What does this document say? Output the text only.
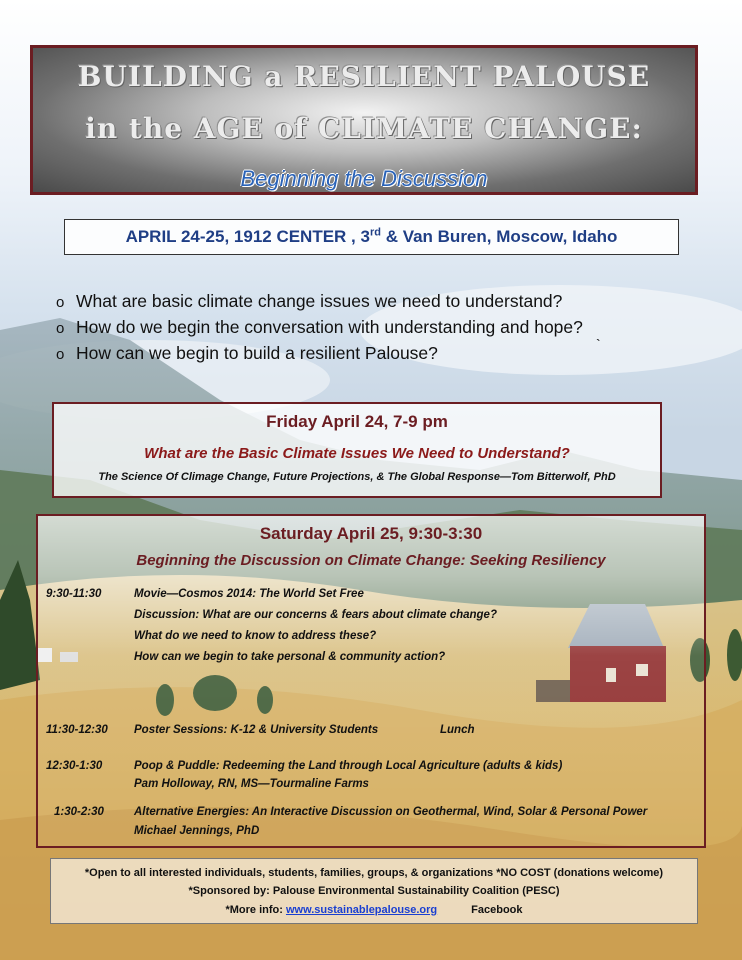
BUILDING a RESILIENT PALOUSE
in the AGE of CLIMATE CHANGE:
Beginning the Discussion
APRIL 24-25, 1912 CENTER , 3rd & Van Buren, Moscow, Idaho
o What are basic climate change issues we need to understand?
o How do we begin the conversation with understanding and hope?
o How can we begin to build a resilient Palouse?	`
Friday April 24, 7-9 pm
What are the Basic Climate Issues We Need to Understand?
The Science Of Climage Change, Future Projections, & The Global Response—Tom Bitterwolf, PhD
Saturday April 25, 9:30-3:30
Beginning the Discussion on Climate Change: Seeking Resiliency
9:30-11:30	Movie—Cosmos 2014: The World Set Free
Discussion: What are our concerns & fears about climate change?
What do we need to know to address these?
How can we begin to take personal & community action?
11:30-12:30 Poster Sessions: K-12 & University Students	Lunch
12:30-1:30	Poop & Puddle: Redeeming the Land through Local Agriculture (adults & kids)
Pam Holloway, RN, MS—Tourmaline Farms
1:30-2:30	Alternative Energies: An Interactive Discussion on Geothermal, Wind, Solar & Personal Power
Michael Jennings, PhD
*Open to all interested individuals, students, families, groups, & organizations *NO COST (donations welcome)
*Sponsored by: Palouse Environmental Sustainability Coalition (PESC)
*More info: www.sustainablepalouse.org	Facebook
